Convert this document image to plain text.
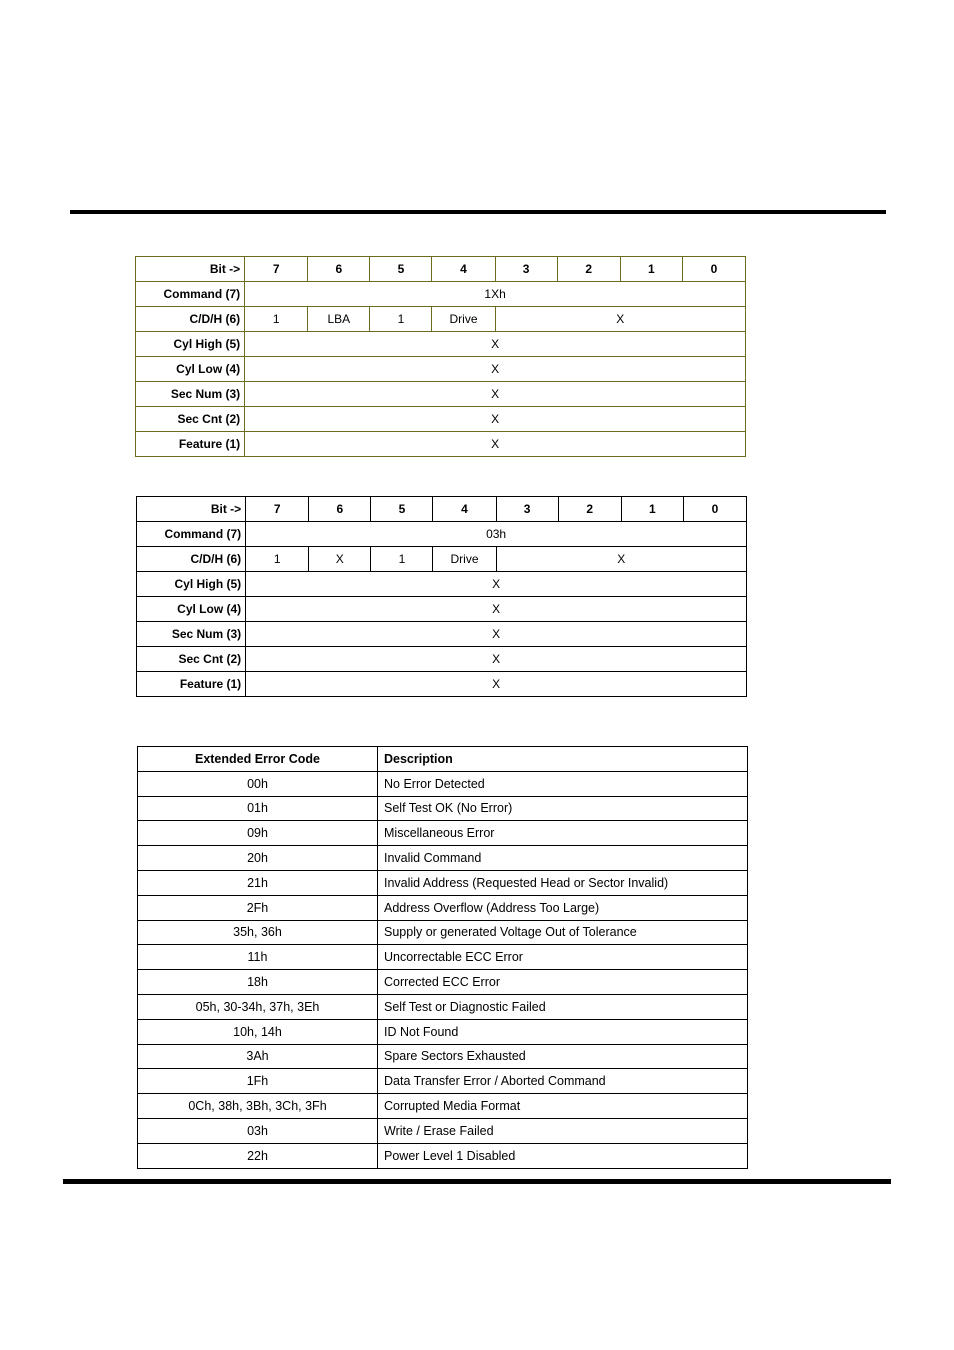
Bit ->	7	6	5	4	3	2	1	0
Command (7)	1Xh							
C/D/H (6)	1	LBA	1	Drive	X			
Cyl High (5)	X							
Cyl Low (4)	X							
Sec Num (3)	X							
Sec Cnt (2)	X							
Feature (1)	X							
Bit ->	7	6	5	4	3	2	1	0
Command (7)	03h							
C/D/H (6)	1	X	1	Drive	X			
Cyl High (5)	X							
Cyl Low (4)	X							
Sec Num (3)	X							
Sec Cnt (2)	X							
Feature (1)	X							
Extended Error Code	Description
00h	No Error Detected
01h	Self Test OK (No Error)
09h	Miscellaneous Error
20h	Invalid Command
21h	Invalid Address (Requested Head or Sector Invalid)
2Fh	Address Overflow (Address Too Large)
35h, 36h	Supply or generated Voltage Out of Tolerance
11h	Uncorrectable ECC Error
18h	Corrected ECC Error
05h, 30-34h, 37h, 3Eh	Self Test or Diagnostic Failed
10h, 14h	ID Not Found
3Ah	Spare Sectors Exhausted
1Fh	Data Transfer Error / Aborted Command
0Ch, 38h, 3Bh, 3Ch, 3Fh	Corrupted Media Format
03h	Write / Erase Failed
22h	Power Level 1 Disabled
